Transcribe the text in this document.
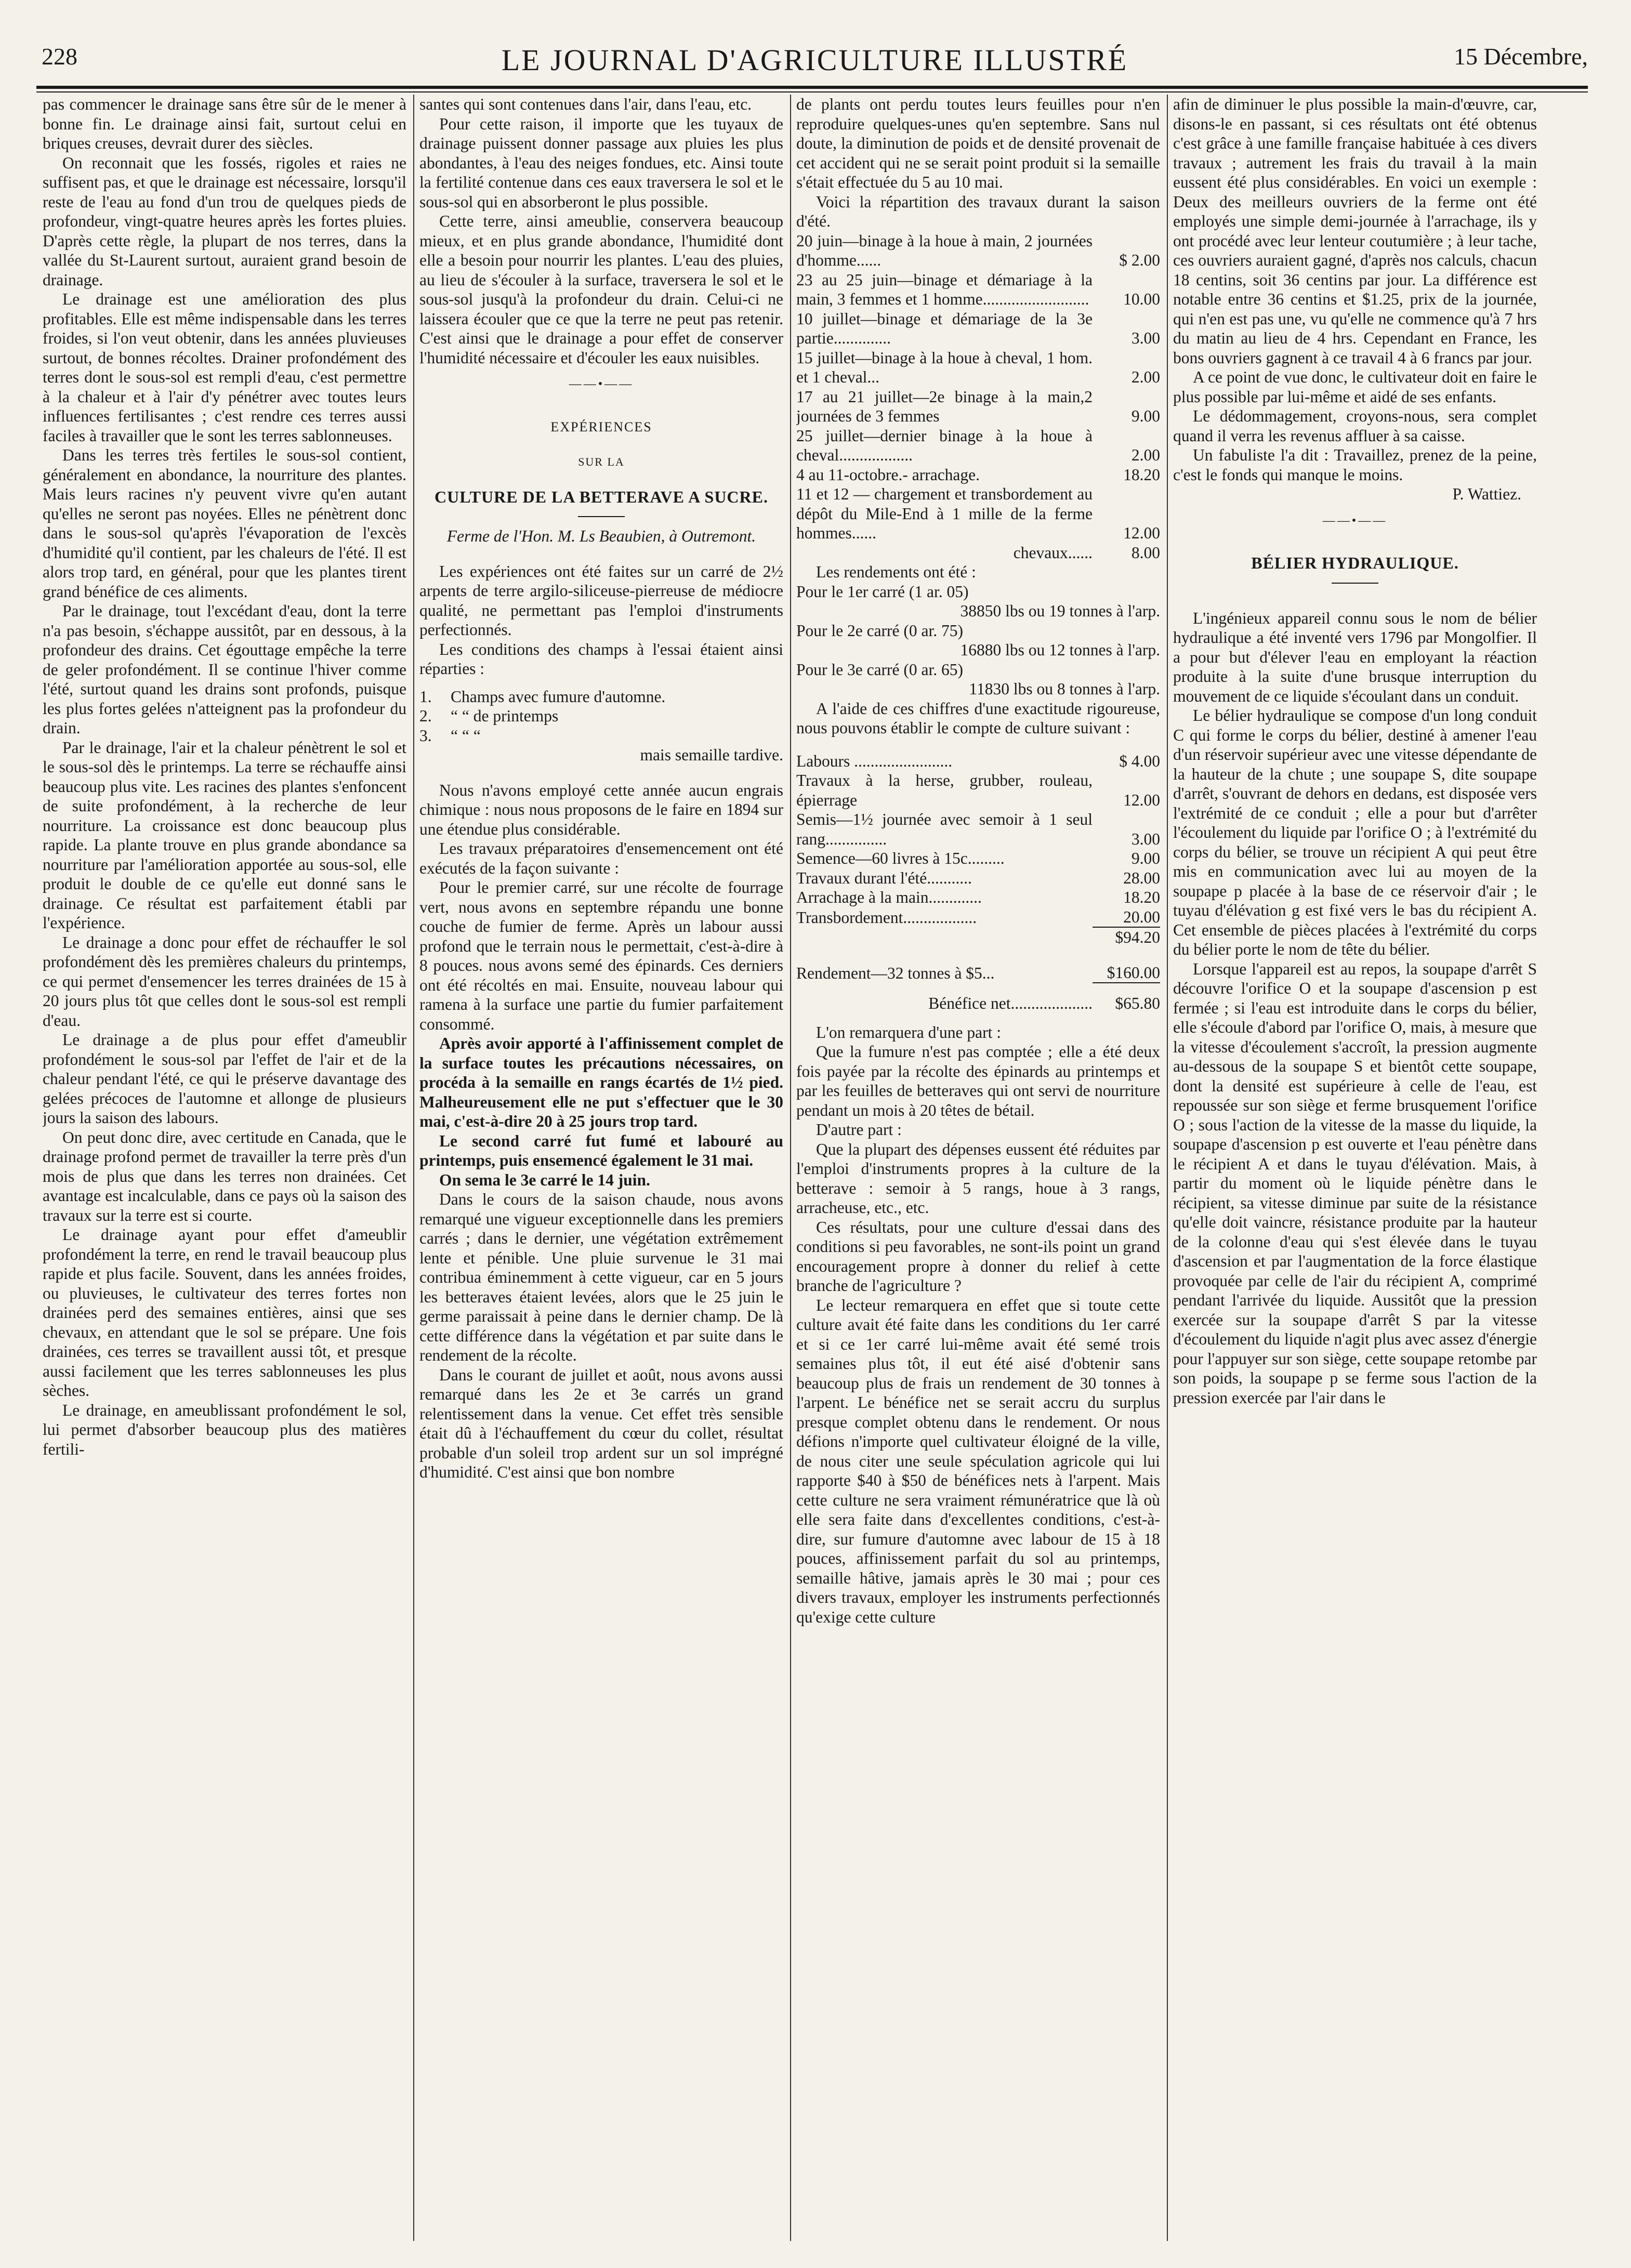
228	LE JOURNAL D'AGRICULTURE ILLUSTRÉ	15 Décembre,

pas commencer le drainage sans être sûr de le mener à bonne fin. Le drainage ainsi fait, surtout celui en briques creuses, devrait durer des siècles.

On reconnait que les fossés, rigoles et raies ne suffisent pas, et que le drainage est nécessaire, lorsqu'il reste de l'eau au fond d'un trou de quelques pieds de profondeur, vingt-quatre heures après les fortes pluies. D'après cette règle, la plupart de nos terres, dans la vallée du St-Laurent surtout, auraient grand besoin de drainage.

Le drainage est une amélioration des plus profitables. Elle est même indispensable dans les terres froides, si l'on veut obtenir, dans les années pluvieuses surtout, de bonnes récoltes. Drainer profondément des terres dont le sous-sol est rempli d'eau, c'est permettre à la chaleur et à l'air d'y pénétrer avec toutes leurs influences fertilisantes ; c'est rendre ces terres aussi faciles à travailler que le sont les terres sablonneuses.

Dans les terres très fertiles le sous-sol contient, généralement en abondance, la nourriture des plantes. Mais leurs racines n'y peuvent vivre qu'en autant qu'elles ne seront pas noyées. Elles ne pénètrent donc dans le sous-sol qu'après l'évaporation de l'excès d'humidité qu'il contient, par les chaleurs de l'été. Il est alors trop tard, en général, pour que les plantes tirent grand bénéfice de ces aliments.

Par le drainage, tout l'excédant d'eau, dont la terre n'a pas besoin, s'échappe aussitôt, par en dessous, à la profondeur des drains. Cet égouttage empêche la terre de geler profondément. Il se continue l'hiver comme l'été, surtout quand les drains sont profonds, puisque les plus fortes gelées n'atteignent pas la profondeur du drain.

Par le drainage, l'air et la chaleur pénètrent le sol et le sous-sol dès le printemps. La terre se réchauffe ainsi beaucoup plus vite. Les racines des plantes s'enfoncent de suite profondément, à la recherche de leur nourriture. La croissance est donc beaucoup plus rapide. La plante trouve en plus grande abondance sa nourriture par l'amélioration apportée au sous-sol, elle produit le double de ce qu'elle eut donné sans le drainage. Ce résultat est parfaitement établi par l'expérience.

Le drainage a donc pour effet de réchauffer le sol profondément dès les premières chaleurs du printemps, ce qui permet d'ensemencer les terres drainées de 15 à 20 jours plus tôt que celles dont le sous-sol est rempli d'eau.

Le drainage a de plus pour effet d'ameublir profondément le sous-sol par l'effet de l'air et de la chaleur pendant l'été, ce qui le préserve davantage des gelées précoces de l'automne et allonge de plusieurs jours la saison des labours.

On peut donc dire, avec certitude en Canada, que le drainage profond permet de travailler la terre près d'un mois de plus que dans les terres non drainées. Cet avantage est incalculable, dans ce pays où la saison des travaux sur la terre est si courte.

Le drainage ayant pour effet d'ameublir profondément la terre, en rend le travail beaucoup plus rapide et plus facile. Souvent, dans les années froides, ou pluvieuses, le cultivateur des terres fortes non drainées perd des semaines entières, ainsi que ses chevaux, en attendant que le sol se prépare. Une fois drainées, ces terres se travaillent aussi tôt, et presque aussi facilement que les terres sablonneuses les plus sèches.

Le drainage, en ameublissant profondément le sol, lui permet d'absorber beaucoup plus des matières fertili-

santes qui sont contenues dans l'air, dans l'eau, etc.

Pour cette raison, il importe que les tuyaux de drainage puissent donner passage aux pluies les plus abondantes, à l'eau des neiges fondues, etc. Ainsi toute la fertilité contenue dans ces eaux traversera le sol et le sous-sol qui en absorberont le plus possible.

Cette terre, ainsi ameublie, conservera beaucoup mieux, et en plus grande abondance, l'humidité dont elle a besoin pour nourrir les plantes. L'eau des pluies, au lieu de s'écouler à la surface, traversera le sol et le sous-sol jusqu'à la profondeur du drain. Celui-ci ne laissera écouler que ce que la terre ne peut pas retenir. C'est ainsi que le drainage a pour effet de conserver l'humidité nécessaire et d'écouler les eaux nuisibles.

——•——

EXPÉRIENCES

SUR LA

CULTURE DE LA BETTERAVE A SUCRE.

Ferme de l'Hon. M. Ls Beaubien, à Outremont.

Les expériences ont été faites sur un carré de 2½ arpents de terre argilo-siliceuse-pierreuse de médiocre qualité, ne permettant pas l'emploi d'instruments perfectionnés.

Les conditions des champs à l'essai étaient ainsi réparties :

1.	Champs avec fumure d'automne.
2.	“ “ de printemps
3.	“ “ “

mais semaille tardive.

Nous n'avons employé cette année aucun engrais chimique : nous nous proposons de le faire en 1894 sur une étendue plus considérable.

Les travaux préparatoires d'ensemencement ont été exécutés de la façon suivante :

Pour le premier carré, sur une récolte de fourrage vert, nous avons en septembre répandu une bonne couche de fumier de ferme. Après un labour aussi profond que le terrain nous le permettait, c'est-à-dire à 8 pouces. nous avons semé des épinards. Ces derniers ont été récoltés en mai. Ensuite, nouveau labour qui ramena à la surface une partie du fumier parfaitement consommé.

Après avoir apporté à l'affinissement complet de la surface toutes les précautions nécessaires, on procéda à la semaille en rangs écartés de 1½ pied. Malheureusement elle ne put s'effectuer que le 30 mai, c'est-à-dire 20 à 25 jours trop tard.

Le second carré fut fumé et labouré au printemps, puis ensemencé également le 31 mai.

On sema le 3e carré le 14 juin.

Dans le cours de la saison chaude, nous avons remarqué une vigueur exceptionnelle dans les premiers carrés ; dans le dernier, une végétation extrêmement lente et pénible. Une pluie survenue le 31 mai contribua éminemment à cette vigueur, car en 5 jours les betteraves étaient levées, alors que le 25 juin le germe paraissait à peine dans le dernier champ. De là cette différence dans la végétation et par suite dans le rendement de la récolte.

Dans le courant de juillet et août, nous avons aussi remarqué dans les 2e et 3e carrés un grand relentissement dans la venue. Cet effet très sensible était dû à l'échauffement du cœur du collet, résultat probable d'un soleil trop ardent sur un sol imprégné d'humidité. C'est ainsi que bon nombre

de plants ont perdu toutes leurs feuilles pour n'en reproduire quelques-unes qu'en septembre. Sans nul doute, la diminution de poids et de densité provenait de cet accident qui ne se serait point produit si la semaille s'était effectuée du 5 au 10 mai.

Voici la répartition des travaux durant la saison d'été.

20 juin—binage à la houe à main, 2 journées d'homme......	$ 2.00
23 au 25 juin—binage et démariage à la main, 3 femmes et 1 homme..........................	10.00
10 juillet—binage et démariage de la 3e partie..............	3.00
15 juillet—binage à la houe à cheval, 1 hom. et 1 cheval...	2.00
17 au 21 juillet—2e binage à la main,2 journées de 3 femmes	9.00
25 juillet—dernier binage à la houe à cheval..................	2.00
4 au 11-octobre.- arrachage.	18.20
11 et 12 — chargement et transbordement au dépôt du Mile-End à 1 mille de la ferme hommes......	12.00
chevaux......	8.00

Les rendements ont été :

Pour le 1er carré (1 ar. 05)

38850 lbs ou 19 tonnes à l'arp.

Pour le 2e carré (0 ar. 75)

16880 lbs ou 12 tonnes à l'arp.

Pour le 3e carré (0 ar. 65)

11830 lbs ou 8 tonnes à l'arp.

A l'aide de ces chiffres d'une exactitude rigoureuse, nous pouvons établir le compte de culture suivant :

Labours ........................	$ 4.00
Travaux à la herse, grubber, rouleau, épierrage	12.00
Semis—1½ journée avec semoir à 1 seul rang...............	3.00
Semence—60 livres à 15c.........	9.00
Travaux durant l'été...........	28.00
Arrachage à la main.............	18.20
Transbordement..................	20.00
	$94.20

Rendement—32 tonnes à $5...	$160.00

Bénéfice net....................	$65.80

L'on remarquera d'une part :

Que la fumure n'est pas comptée ; elle a été deux fois payée par la récolte des épinards au printemps et par les feuilles de betteraves qui ont servi de nourriture pendant un mois à 20 têtes de bétail.

D'autre part :

Que la plupart des dépenses eussent été réduites par l'emploi d'instruments propres à la culture de la betterave : semoir à 5 rangs, houe à 3 rangs, arracheuse, etc., etc.

Ces résultats, pour une culture d'essai dans des conditions si peu favorables, ne sont-ils point un grand encouragement propre à donner du relief à cette branche de l'agriculture ?

Le lecteur remarquera en effet que si toute cette culture avait été faite dans les conditions du 1er carré et si ce 1er carré lui-même avait été semé trois semaines plus tôt, il eut été aisé d'obtenir sans beaucoup plus de frais un rendement de 30 tonnes à l'arpent. Le bénéfice net se serait accru du surplus presque complet obtenu dans le rendement. Or nous défions n'importe quel cultivateur éloigné de la ville, de nous citer une seule spéculation agricole qui lui rapporte $40 à $50 de bénéfices nets à l'arpent. Mais cette culture ne sera vraiment rémunératrice que là où elle sera faite dans d'excellentes conditions, c'est-à-dire, sur fumure d'automne avec labour de 15 à 18 pouces, affinissement parfait du sol au printemps, semaille hâtive, jamais après le 30 mai ; pour ces divers travaux, employer les instruments perfectionnés qu'exige cette culture

afin de diminuer le plus possible la main-d'œuvre, car, disons-le en passant, si ces résultats ont été obtenus c'est grâce à une famille française habituée à ces divers travaux ; autrement les frais du travail à la main eussent été plus considérables. En voici un exemple : Deux des meilleurs ouvriers de la ferme ont été employés une simple demi-journée à l'arrachage, ils y ont procédé avec leur lenteur coutumière ; à leur tache, ces ouvriers auraient gagné, d'après nos calculs, chacun 18 centins, soit 36 centins par jour. La différence est notable entre 36 centins et $1.25, prix de la journée, qui n'en est pas une, vu qu'elle ne commence qu'à 7 hrs du matin au lieu de 4 hrs. Cependant en France, les bons ouvriers gagnent à ce travail 4 à 6 francs par jour.

A ce point de vue donc, le cultivateur doit en faire le plus possible par lui-même et aidé de ses enfants.

Le dédommagement, croyons-nous, sera complet quand il verra les revenus affluer à sa caisse.

Un fabuliste l'a dit : Travaillez, prenez de la peine, c'est le fonds qui manque le moins.

P. Wattiez.

——•——

BÉLIER HYDRAULIQUE.

L'ingénieux appareil connu sous le nom de bélier hydraulique a été inventé vers 1796 par Mongolfier. Il a pour but d'élever l'eau en employant la réaction produite à la suite d'une brusque interruption du mouvement de ce liquide s'écoulant dans un conduit.

Le bélier hydraulique se compose d'un long conduit C qui forme le corps du bélier, destiné à amener l'eau d'un réservoir supérieur avec une vitesse dépendante de la hauteur de la chute ; une soupape S, dite soupape d'arrêt, s'ouvrant de dehors en dedans, est disposée vers l'extrémité de ce conduit ; elle a pour but d'arrêter l'écoulement du liquide par l'orifice O ; à l'extrémité du corps du bélier, se trouve un récipient A qui peut être mis en communication avec lui au moyen de la soupape p placée à la base de ce réservoir d'air ; le tuyau d'élévation g est fixé vers le bas du récipient A. Cet ensemble de pièces placées à l'extrémité du corps du bélier porte le nom de tête du bélier.

Lorsque l'appareil est au repos, la soupape d'arrêt S découvre l'orifice O et la soupape d'ascension p est fermée ; si l'eau est introduite dans le corps du bélier, elle s'écoule d'abord par l'orifice O, mais, à mesure que la vitesse d'écoulement s'accroît, la pression augmente au-dessous de la soupape S et bientôt cette soupape, dont la densité est supérieure à celle de l'eau, est repoussée sur son siège et ferme brusquement l'orifice O ; sous l'action de la vitesse de la masse du liquide, la soupape d'ascension p est ouverte et l'eau pénètre dans le récipient A et dans le tuyau d'élévation. Mais, à partir du moment où le liquide pénètre dans le récipient, sa vitesse diminue par suite de la résistance qu'elle doit vaincre, résistance produite par la hauteur de la colonne d'eau qui s'est élevée dans le tuyau d'ascension et par l'augmentation de la force élastique provoquée par celle de l'air du récipient A, comprimé pendant l'arrivée du liquide. Aussitôt que la pression exercée sur la soupape d'arrêt S par la vitesse d'écoulement du liquide n'agit plus avec assez d'énergie pour l'appuyer sur son siège, cette soupape retombe par son poids, la soupape p se ferme sous l'action de la pression exercée par l'air dans le
